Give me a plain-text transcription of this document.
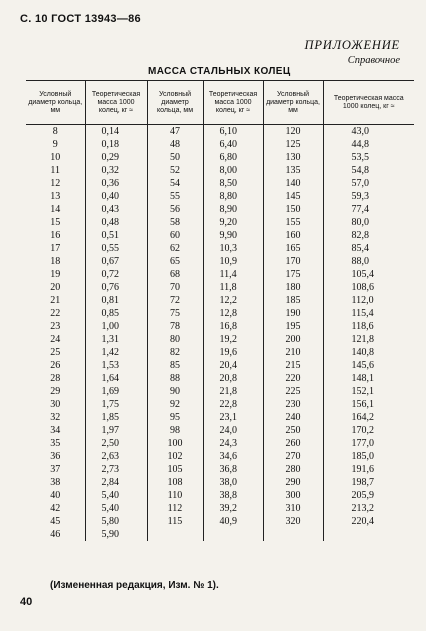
С. 10 ГОСТ 13943—86
ПРИЛОЖЕНИЕ
Справочное
МАССА СТАЛЬНЫХ КОЛЕЦ
Условный диаметр кольца, мм	Теоретическая масса 1000 колец, кг ≈	Условный диаметр кольца, мм	Теоретическая масса 1000 колец, кг ≈	Условный диаметр кольца, мм	Теоретическая масса 1000 колец, кг ≈
8	0,14	47	6,10	120	43,0
9	0,18	48	6,40	125	44,8
10	0,29	50	6,80	130	53,5
11	0,32	52	8,00	135	54,8
12	0,36	54	8,50	140	57,0
13	0,40	55	8,80	145	59,3
14	0,43	56	8,90	150	77,4
15	0,48	58	9,20	155	80,0
16	0,51	60	9,90	160	82,8
17	0,55	62	10,3	165	85,4
18	0,67	65	10,9	170	88,0
19	0,72	68	11,4	175	105,4
20	0,76	70	11,8	180	108,6
21	0,81	72	12,2	185	112,0
22	0,85	75	12,8	190	115,4
23	1,00	78	16,8	195	118,6
24	1,31	80	19,2	200	121,8
25	1,42	82	19,6	210	140,8
26	1,53	85	20,4	215	145,6
28	1,64	88	20,8	220	148,1
29	1,69	90	21,8	225	152,1
30	1,75	92	22,8	230	156,1
32	1,85	95	23,1	240	164,2
34	1,97	98	24,0	250	170,2
35	2,50	100	24,3	260	177,0
36	2,63	102	34,6	270	185,0
37	2,73	105	36,8	280	191,6
38	2,84	108	38,0	290	198,7
40	5,40	110	38,8	300	205,9
42	5,40	112	39,2	310	213,2
45	5,80	115	40,9	320	220,4
46	5,90				
(Измененная редакция, Изм. № 1).
40
